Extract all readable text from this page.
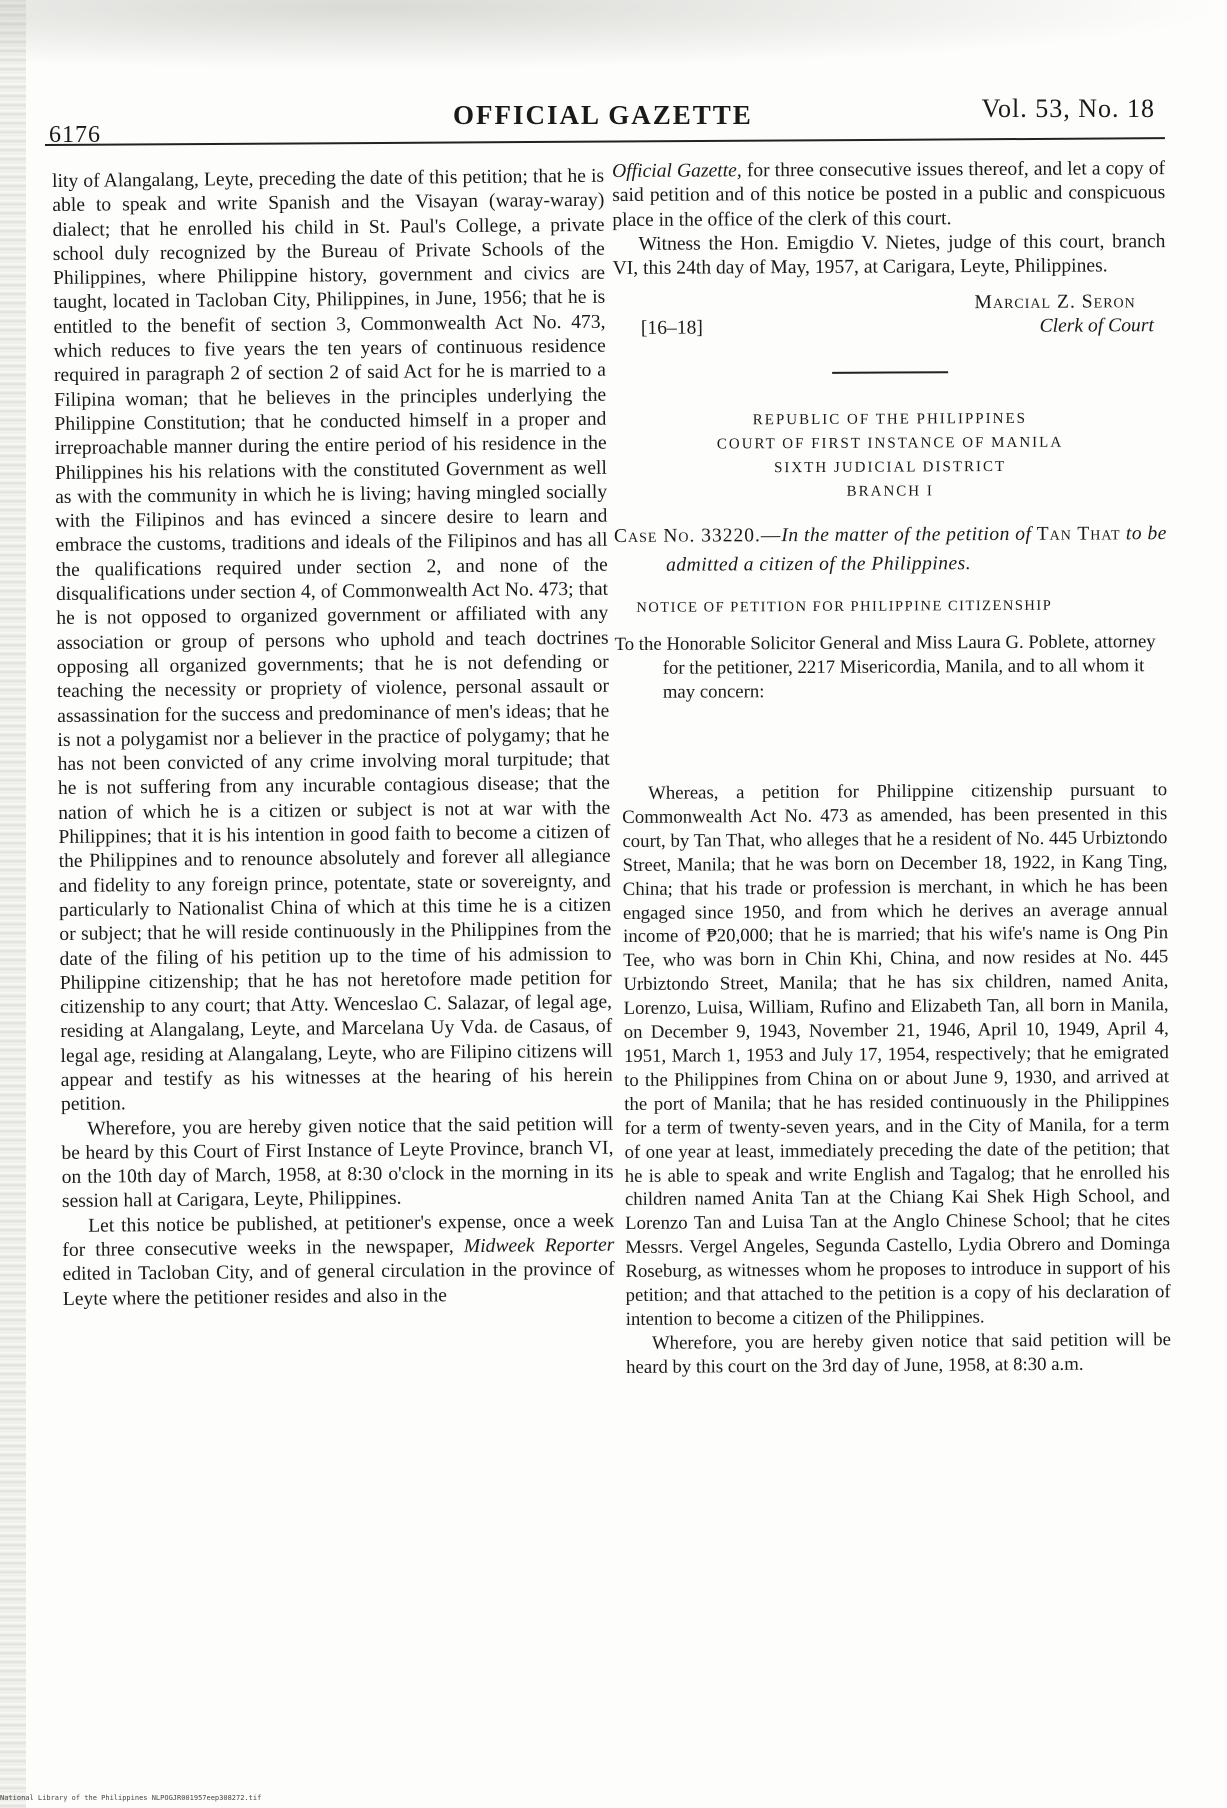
6176
OFFICIAL GAZETTE	Vol. 53, No. 18

lity of Alangalang, Leyte, preceding the date of this petition; that he is able to speak and write Spanish and the Visayan (waray-waray) dialect; that he enrolled his child in St. Paul's College, a private school duly recognized by the Bureau of Private Schools of the Philippines, where Philippine history, government and civics are taught, located in Tacloban City, Philippines, in June, 1956; that he is entitled to the benefit of section 3, Commonwealth Act No. 473, which reduces to five years the ten years of continuous residence required in paragraph 2 of section 2 of said Act for he is married to a Filipina woman; that he believes in the principles underlying the Philippine Constitution; that he conducted himself in a proper and irreproachable manner during the entire period of his residence in the Philippines his his relations with the constituted Government as well as with the community in which he is living; having mingled socially with the Filipinos and has evinced a sincere desire to learn and embrace the customs, traditions and ideals of the Filipinos and has all the qualifications required under section 2, and none of the disqualifications under section 4, of Commonwealth Act No. 473; that he is not opposed to organized government or affiliated with any association or group of persons who uphold and teach doctrines opposing all organized governments; that he is not defending or teaching the necessity or propriety of violence, personal assault or assassination for the success and predominance of men's ideas; that he is not a polygamist nor a believer in the practice of polygamy; that he has not been convicted of any crime involving moral turpitude; that he is not suffering from any incurable contagious disease; that the nation of which he is a citizen or subject is not at war with the Philippines; that it is his intention in good faith to become a citizen of the Philippines and to renounce absolutely and forever all allegiance and fidelity to any foreign prince, potentate, state or sovereignty, and particularly to Nationalist China of which at this time he is a citizen or subject; that he will reside continuously in the Philippines from the date of the filing of his petition up to the time of his admission to Philippine citizenship; that he has not heretofore made petition for citizenship to any court; that Atty. Wenceslao C. Salazar, of legal age, residing at Alangalang, Leyte, and Marcelana Uy Vda. de Casaus, of legal age, residing at Alangalang, Leyte, who are Filipino citizens will appear and testify as his witnesses at the hearing of his herein petition.

Wherefore, you are hereby given notice that the said petition will be heard by this Court of First Instance of Leyte Province, branch VI, on the 10th day of March, 1958, at 8:30 o'clock in the morning in its session hall at Carigara, Leyte, Philippines.

Let this notice be published, at petitioner's expense, once a week for three consecutive weeks in the newspaper, Midweek Reporter edited in Tacloban City, and of general circulation in the province of Leyte where the petitioner resides and also in the

Official Gazette, for three consecutive issues thereof, and let a copy of said petition and of this notice be posted in a public and conspicuous place in the office of the clerk of this court.

Witness the Hon. Emigdio V. Nietes, judge of this court, branch VI, this 24th day of May, 1957, at Carigara, Leyte, Philippines.

Marcial Z. Seron
Clerk of Court
[16–18]
REPUBLIC OF THE PHILIPPINES
COURT OF FIRST INSTANCE OF MANILA
SIXTH JUDICIAL DISTRICT
BRANCH I

Case No. 33220.—In the matter of the petition of Tan That to be admitted a citizen of the Philippines.

NOTICE OF PETITION FOR PHILIPPINE CITIZENSHIP

To the Honorable Solicitor General and Miss Laura G. Poblete, attorney for the petitioner, 2217 Misericordia, Manila, and to all whom it may concern:

Whereas, a petition for Philippine citizenship pursuant to Commonwealth Act No. 473 as amended, has been presented in this court, by Tan That, who alleges that he a resident of No. 445 Urbiztondo Street, Manila; that he was born on December 18, 1922, in Kang Ting, China; that his trade or profession is merchant, in which he has been engaged since 1950, and from which he derives an average annual income of ₱20,000; that he is married; that his wife's name is Ong Pin Tee, who was born in Chin Khi, China, and now resides at No. 445 Urbiztondo Street, Manila; that he has six children, named Anita, Lorenzo, Luisa, William, Rufino and Elizabeth Tan, all born in Manila, on December 9, 1943, November 21, 1946, April 10, 1949, April 4, 1951, March 1, 1953 and July 17, 1954, respectively; that he emigrated to the Philippines from China on or about June 9, 1930, and arrived at the port of Manila; that he has resided continuously in the Philippines for a term of twenty-seven years, and in the City of Manila, for a term of one year at least, immediately preceding the date of the petition; that he is able to speak and write English and Tagalog; that he enrolled his children named Anita Tan at the Chiang Kai Shek High School, and Lorenzo Tan and Luisa Tan at the Anglo Chinese School; that he cites Messrs. Vergel Angeles, Segunda Castello, Lydia Obrero and Dominga Roseburg, as witnesses whom he proposes to introduce in support of his petition; and that attached to the petition is a copy of his declaration of intention to become a citizen of the Philippines.

Wherefore, you are hereby given notice that said petition will be heard by this court on the 3rd day of June, 1958, at 8:30 a.m.

National Library of the Philippines NLPOGJR001957eep308272.tif
